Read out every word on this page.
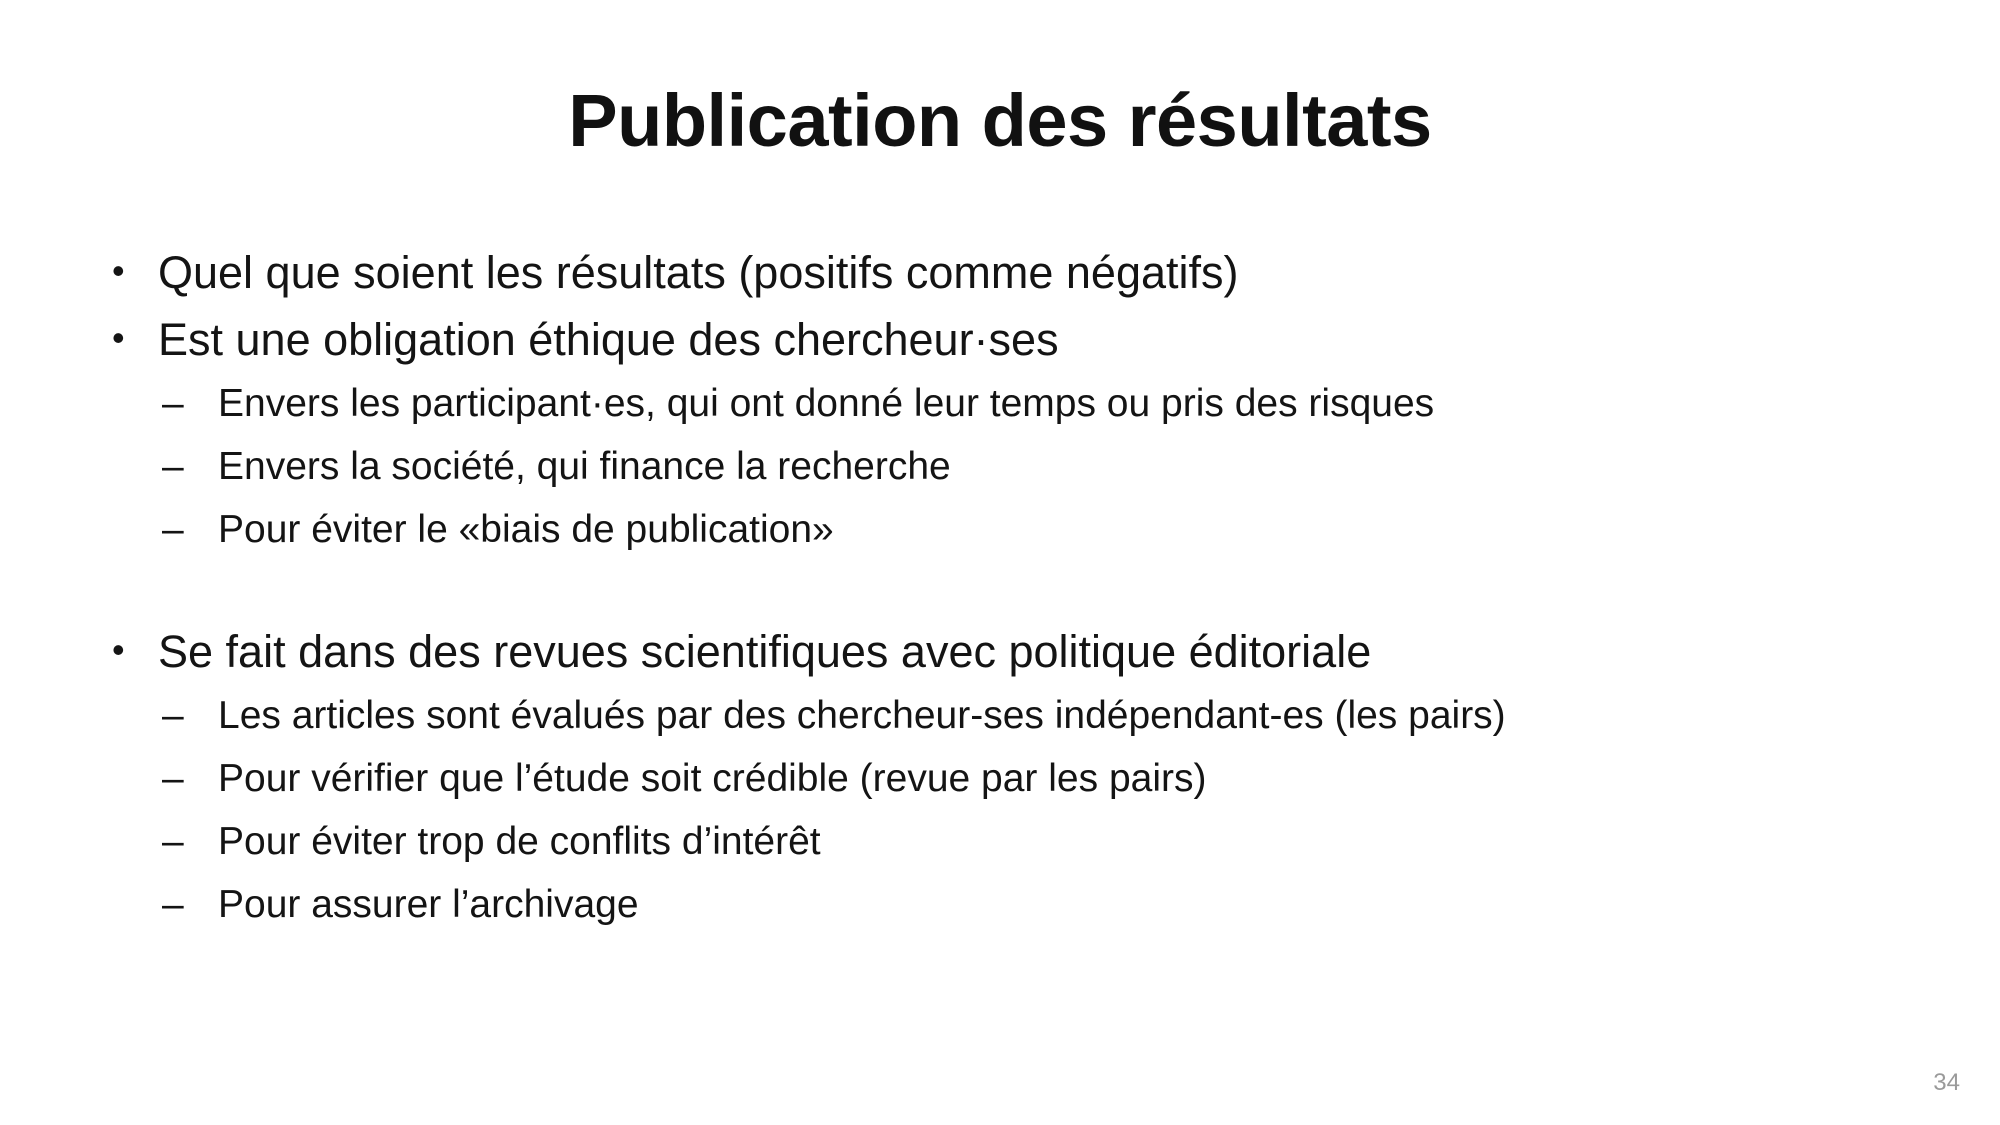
Publication des résultats
• Quel que soient les résultats (positifs comme négatifs)
• Est une obligation éthique des chercheur·ses
– Envers les participant·es, qui ont donné leur temps ou pris des risques
– Envers la société, qui finance la recherche
– Pour éviter le «biais de publication»
• Se fait dans des revues scientifiques avec politique éditoriale
– Les articles sont évalués par des chercheur-ses indépendant-es (les pairs)
– Pour vérifier que l’étude soit crédible (revue par les pairs)
– Pour éviter trop de conflits d’intérêt
– Pour assurer l’archivage
34
